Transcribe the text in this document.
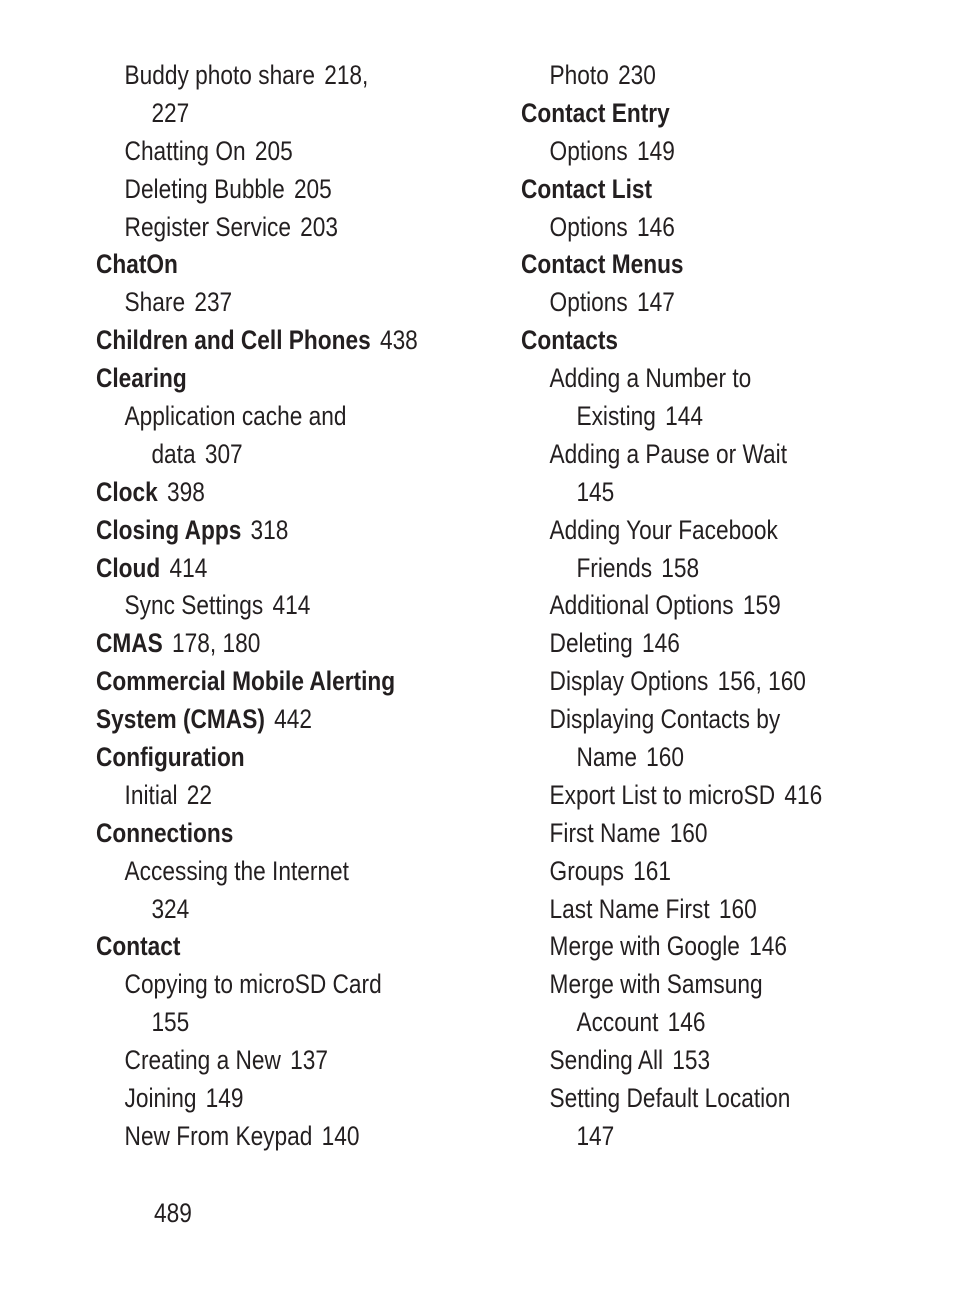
Buddy photo share 218,
227
Chatting On 205
Deleting Bubble 205
Register Service 203
ChatOn
Share 237
Children and Cell Phones 438
Clearing
Application cache and
data 307
Clock 398
Closing Apps 318
Cloud 414
Sync Settings 414
CMAS 178, 180
Commercial Mobile Alerting
System (CMAS) 442
Configuration
Initial 22
Connections
Accessing the Internet
324
Contact
Copying to microSD Card
155
Creating a New 137
Joining 149
New From Keypad 140
Photo 230
Contact Entry
Options 149
Contact List
Options 146
Contact Menus
Options 147
Contacts
Adding a Number to
Existing 144
Adding a Pause or Wait
145
Adding Your Facebook
Friends 158
Additional Options 159
Deleting 146
Display Options 156, 160
Displaying Contacts by
Name 160
Export List to microSD 416
First Name 160
Groups 161
Last Name First 160
Merge with Google 146
Merge with Samsung
Account 146
Sending All 153
Setting Default Location
147
489
